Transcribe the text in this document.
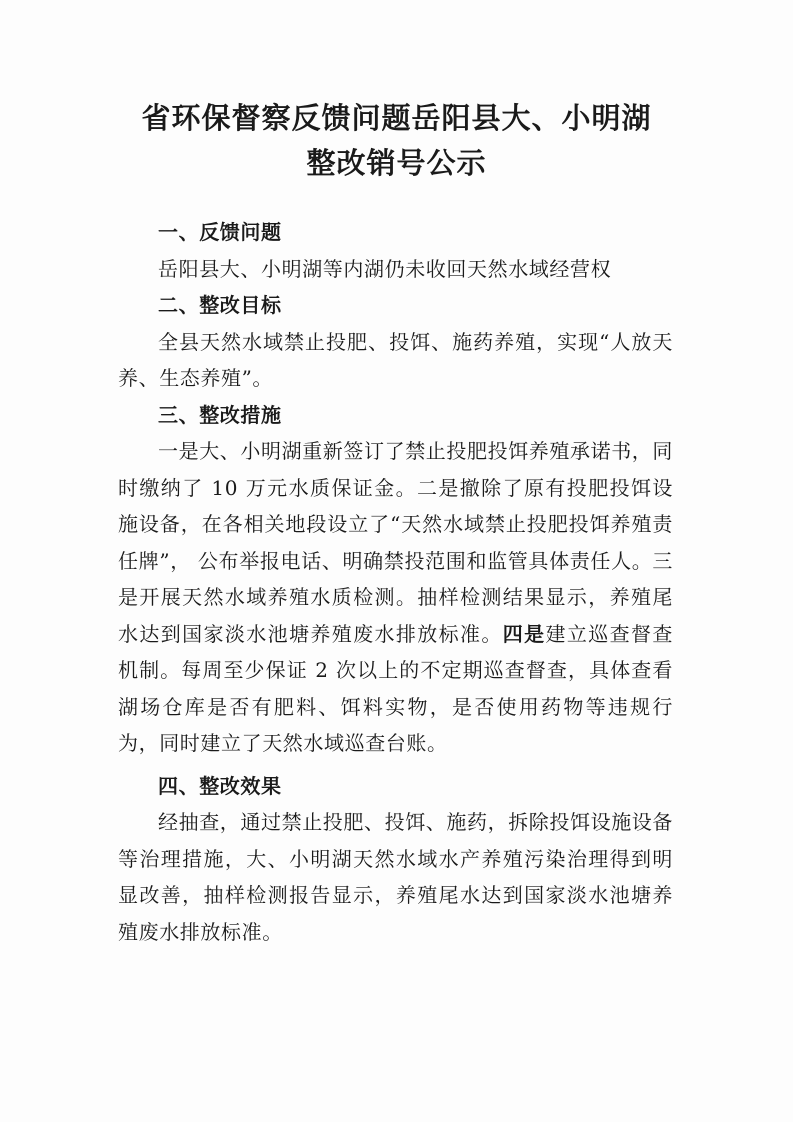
省环保督察反馈问题岳阳县大、小明湖
整改销号公示

一、反馈问题

岳阳县大、小明湖等内湖仍未收回天然水域经营权

二、整改目标

全县天然水域禁止投肥、投饵、施药养殖，实现“人放天养、生态养殖”。

三、整改措施

一是大、小明湖重新签订了禁止投肥投饵养殖承诺书，同时缴纳了 10 万元水质保证金。二是撤除了原有投肥投饵设施设备，在各相关地段设立了“天然水域禁止投肥投饵养殖责任牌”， 公布举报电话、明确禁投范围和监管具体责任人。三是开展天然水域养殖水质检测。抽样检测结果显示，养殖尾水达到国家淡水池塘养殖废水排放标准。四是建立巡查督查机制。每周至少保证 2 次以上的不定期巡查督查，具体查看湖场仓库是否有肥料、饵料实物，是否使用药物等违规行为，同时建立了天然水域巡查台账。

四、整改效果

经抽查，通过禁止投肥、投饵、施药，拆除投饵设施设备等治理措施，大、小明湖天然水域水产养殖污染治理得到明显改善，抽样检测报告显示，养殖尾水达到国家淡水池塘养殖废水排放标准。
